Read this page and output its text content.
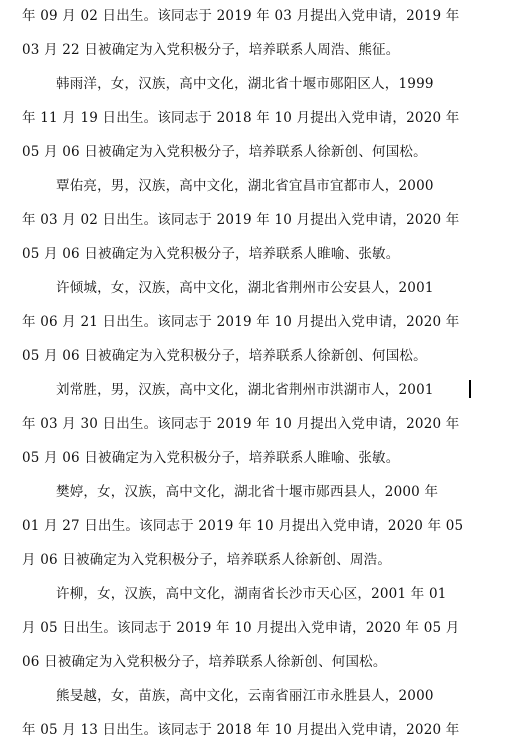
年 09 月 02 日出生。该同志于 2019 年 03 月提出入党申请，2019 年
03 月 22 日被确定为入党积极分子，培养联系人周浩、熊征。
韩雨洋，女，汉族，高中文化，湖北省十堰市郧阳区人，1999
年 11 月 19 日出生。该同志于 2018 年 10 月提出入党申请，2020 年
05 月 06 日被确定为入党积极分子，培养联系人徐新创、何国松。
覃佑亮，男，汉族，高中文化，湖北省宜昌市宜都市人，2000
年 03 月 02 日出生。该同志于 2019 年 10 月提出入党申请，2020 年
05 月 06 日被确定为入党积极分子，培养联系人睢喻、张敏。
许倾城，女，汉族，高中文化，湖北省荆州市公安县人，2001
年 06 月 21 日出生。该同志于 2019 年 10 月提出入党申请，2020 年
05 月 06 日被确定为入党积极分子，培养联系人徐新创、何国松。
刘常胜，男，汉族，高中文化，湖北省荆州市洪湖市人，2001
年 03 月 30 日出生。该同志于 2019 年 10 月提出入党申请，2020 年
05 月 06 日被确定为入党积极分子，培养联系人睢喻、张敏。
樊婷，女，汉族，高中文化，湖北省十堰市郧西县人，2000 年
01 月 27 日出生。该同志于 2019 年 10 月提出入党申请，2020 年 05
月 06 日被确定为入党积极分子，培养联系人徐新创、周浩。
许柳，女，汉族，高中文化，湖南省长沙市天心区，2001 年 01
月 05 日出生。该同志于 2019 年 10 月提出入党申请，2020 年 05 月
06 日被确定为入党积极分子，培养联系人徐新创、何国松。
熊旻越，女，苗族，高中文化，云南省丽江市永胜县人，2000
年 05 月 13 日出生。该同志于 2018 年 10 月提出入党申请，2020 年
